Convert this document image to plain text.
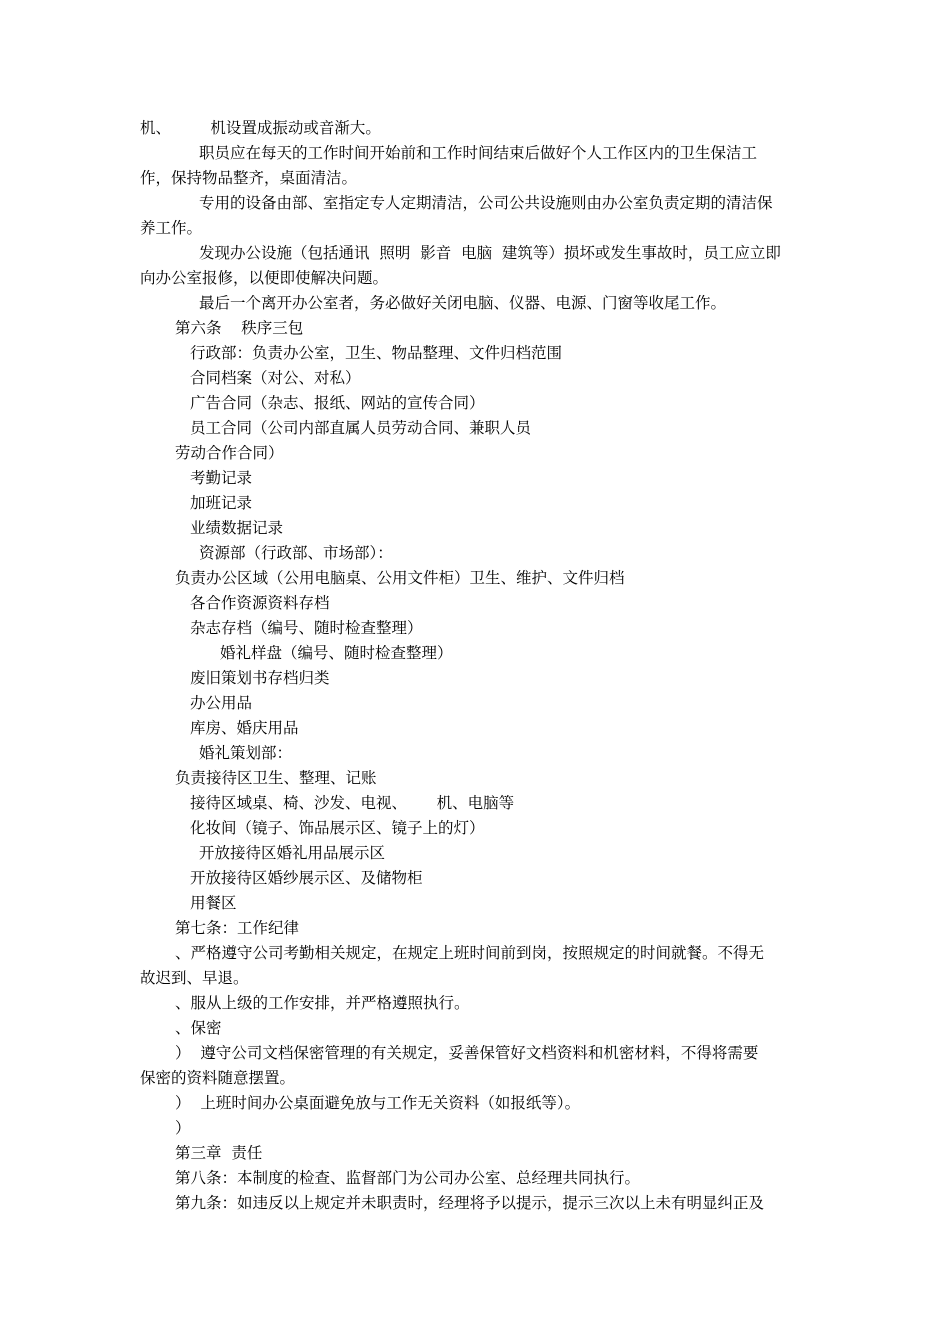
机、        机设置成振动或音渐大。
职员应在每天的工作时间开始前和工作时间结束后做好个人工作区内的卫生保洁工
作，保持物品整齐，桌面清洁。
专用的设备由部、室指定专人定期清洁，公司公共设施则由办公室负责定期的清洁保
养工作。
发现办公设施（包括通讯  照明  影音  电脑  建筑等）损坏或发生事故时，员工应立即
向办公室报修，以便即使解决问题。
最后一个离开办公室者，务必做好关闭电脑、仪器、电源、门窗等收尾工作。
第六条    秩序三包
行政部：负责办公室，卫生、物品整理、文件归档范围
合同档案（对公、对私）
广告合同（杂志、报纸、网站的宣传合同）
员工合同（公司内部直属人员劳动合同、兼职人员
劳动合作合同）
考勤记录
加班记录
业绩数据记录
资源部（行政部、市场部）：
负责办公区域（公用电脑桌、公用文件柜）卫生、维护、文件归档
各合作资源资料存档
杂志存档（编号、随时检查整理）
婚礼样盘（编号、随时检查整理）
废旧策划书存档归类
办公用品
库房、婚庆用品
婚礼策划部：
负责接待区卫生、整理、记账
接待区域桌、椅、沙发、电视、      机、电脑等
化妆间（镜子、饰品展示区、镜子上的灯）
开放接待区婚礼用品展示区
开放接待区婚纱展示区、及储物柜
用餐区
第七条：工作纪律
、严格遵守公司考勤相关规定，在规定上班时间前到岗，按照规定的时间就餐。不得无
故迟到、早退。
、服从上级的工作安排，并严格遵照执行。
、保密
）  遵守公司文档保密管理的有关规定，妥善保管好文档资料和机密材料，不得将需要
保密的资料随意摆置。
）  上班时间办公桌面避免放与工作无关资料（如报纸等）。
）
第三章  责任
第八条：本制度的检查、监督部门为公司办公室、总经理共同执行。
第九条：如违反以上规定并未职责时，经理将予以提示，提示三次以上未有明显纠正及
